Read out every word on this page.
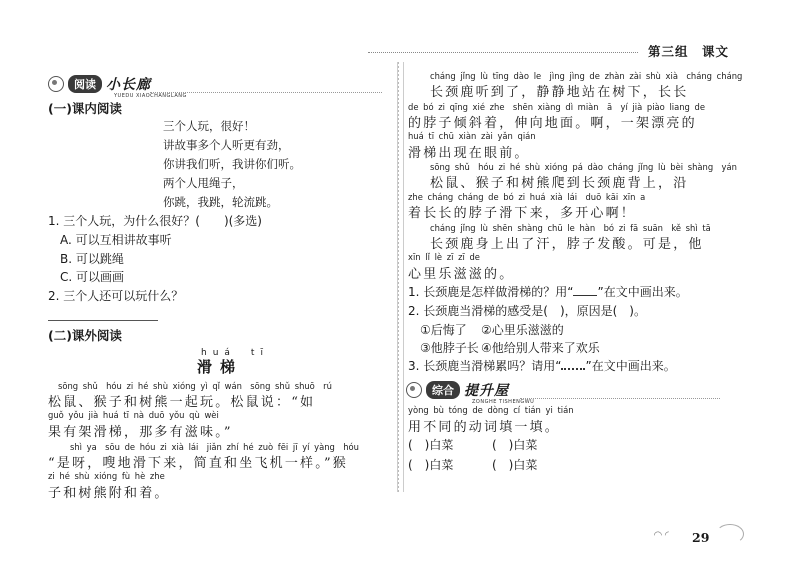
第三组　课文
阅读 小长廊
YUEDU XIAOCHANGLANG
(一)课内阅读
三个人玩，很好！
讲故事多个人听更有劲，
你讲我们听，我讲你们听。
两个人甩绳子，
你跳，我跳，轮流跳。
1. 三个人玩，为什么很好？(　　)(多选)
A. 可以互相讲故事听
B. 可以跳绳
C. 可以画画
2. 三个人还可以玩什么？
(二)课外阅读
huá　tī
滑梯
sōng shǔ　hóu zi hé shù xióng yì qǐ wán　sōng shǔ shuō　rú
松鼠、猴子和树熊一起玩。松鼠说：“如
guǒ yǒu jià huá tī nà duō yǒu qù wèi
果有架滑梯，那多有滋味。”
shì ya　sōu de hóu zi xià lái　jiǎn zhí hé zuò fēi jī yí yàng　hóu
“是呀，嗖地滑下来，简直和坐飞机一样。”猴
zi hé shù xióng fù hè zhe
子和树熊附和着。
cháng jǐng lù tīng dào le　jìng jìng de zhàn zài shù xià　cháng cháng
长颈鹿听到了，静静地站在树下，长长
de bó zi qīng xié zhe　shēn xiàng dì miàn　ā　yí jià piào liang de
的脖子倾斜着，伸向地面。啊，一架漂亮的
huá tī chū xiàn zài yǎn qián
滑梯出现在眼前。
sōng shǔ　hóu zi hé shù xióng pá dào cháng jǐng lù bèi shàng　yán
松鼠、猴子和树熊爬到长颈鹿背上，沿
zhe cháng cháng de bó zi huá xià lái　duō kāi xīn a
着长长的脖子滑下来，多开心啊！
cháng jǐng lù shēn shàng chū le hàn　bó zi fā suān　kě shì tā
长颈鹿身上出了汗，脖子发酸。可是，他
xīn lǐ lè zī zī de
心里乐滋滋的。
1. 长颈鹿是怎样做滑梯的？用“ ”在文中画出来。
2. 长颈鹿当滑梯的感受是(　)，原因是(　)。
①后悔了 ②心里乐滋滋的
③他脖子长 ④他给别人带来了欢乐
3. 长颈鹿当滑梯累吗？请用“ ”在文中画出来。
综合 提升屋
ZONGHE TISHENGWU
yòng bù tóng de dòng cí tián yi tián
用不同的动词填一填。
(　)白菜	(　)白菜
(　)白菜	(　)白菜
◜◝ ◜ 29
